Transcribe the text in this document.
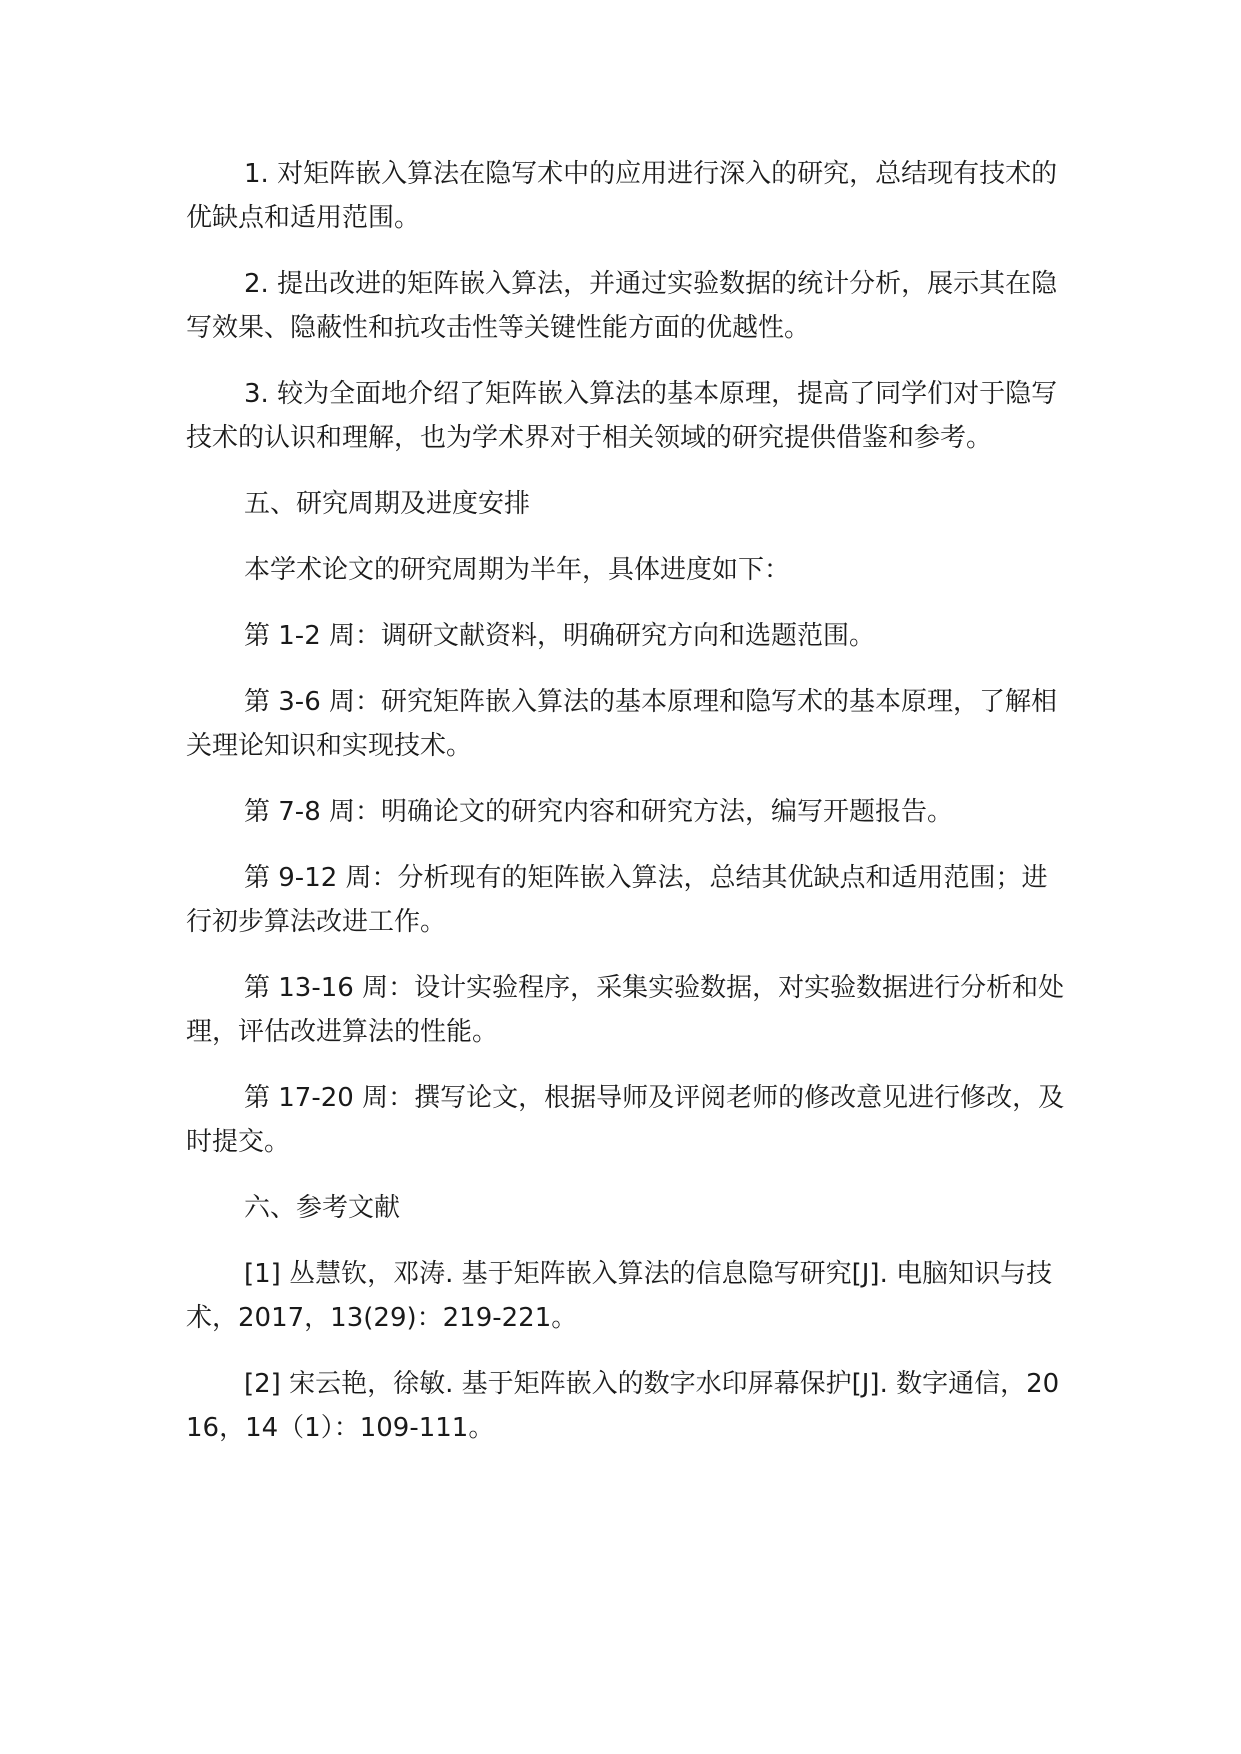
1. 对矩阵嵌入算法在隐写术中的应用进行深入的研究，总结现有技术的优缺点和适用范围。

2. 提出改进的矩阵嵌入算法，并通过实验数据的统计分析，展示其在隐写效果、隐蔽性和抗攻击性等关键性能方面的优越性。

3. 较为全面地介绍了矩阵嵌入算法的基本原理，提高了同学们对于隐写技术的认识和理解，也为学术界对于相关领域的研究提供借鉴和参考。

五、研究周期及进度安排

本学术论文的研究周期为半年，具体进度如下：

第 1-2 周：调研文献资料，明确研究方向和选题范围。

第 3-6 周：研究矩阵嵌入算法的基本原理和隐写术的基本原理，了解相关理论知识和实现技术。

第 7-8 周：明确论文的研究内容和研究方法，编写开题报告。

第 9-12 周：分析现有的矩阵嵌入算法，总结其优缺点和适用范围；进行初步算法改进工作。

第 13-16 周：设计实验程序，采集实验数据，对实验数据进行分析和处理，评估改进算法的性能。

第 17-20 周：撰写论文，根据导师及评阅老师的修改意见进行修改，及时提交。

六、参考文献

[1] 丛慧钦，邓涛. 基于矩阵嵌入算法的信息隐写研究[J]. 电脑知识与技术，2017，13(29)：219-221。

[2] 宋云艳，徐敏. 基于矩阵嵌入的数字水印屏幕保护[J]. 数字通信，2016，14（1）：109-111。
